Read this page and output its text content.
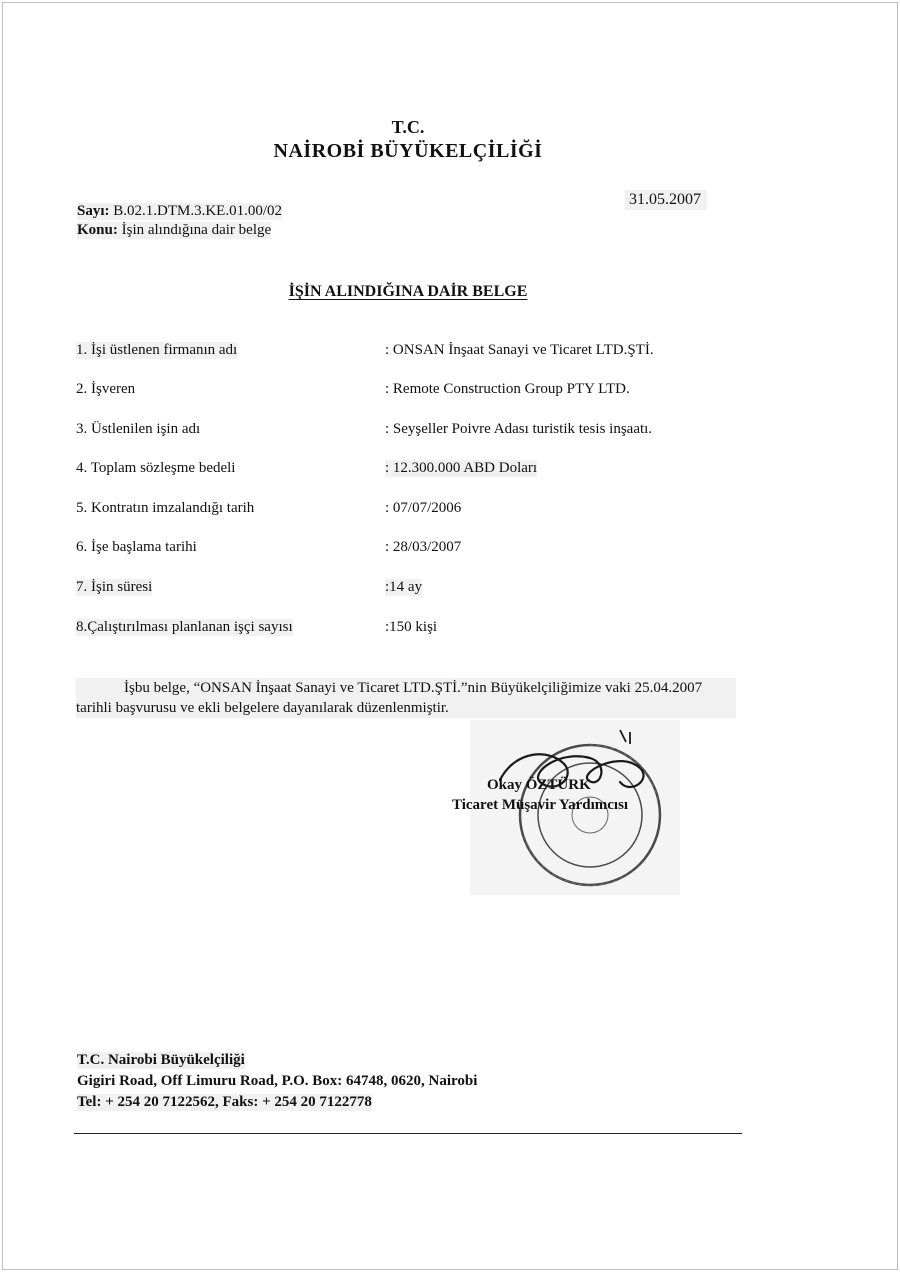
T.C.
NAİROBİ BÜYÜKELÇİLİĞİ
Sayı: B.02.1.DTM.3.KE.01.00/02
Konu: İşin alındığına dair belge
31.05.2007
İŞİN ALINDIĞINA DAİR BELGE
1. İşi üstlenen firmanın adı	: ONSAN İnşaat Sanayi ve Ticaret LTD.ŞTİ.
2. İşveren	: Remote Construction Group PTY LTD.
3. Üstlenilen işin adı	: Seyşeller Poivre Adası turistik tesis inşaatı.
4. Toplam sözleşme bedeli	: 12.300.000 ABD Doları
5. Kontratın imzalandığı tarih	: 07/07/2006
6. İşe başlama tarihi	: 28/03/2007
7. İşin süresi	:14 ay
8.Çalıştırılması planlanan işçi sayısı	:150 kişi
İşbu belge, “ONSAN İnşaat Sanayi ve Ticaret LTD.ŞTİ.”nin Büyükelçiliğimize vaki 25.04.2007 tarihli başvurusu ve ekli belgelere dayanılarak düzenlenmiştir.
Okay ÖZTÜRK
Ticaret Müşavir Yardımcısı
T.C. Nairobi Büyükelçiliği
Gigiri Road, Off Limuru Road, P.O. Box: 64748, 0620, Nairobi
Tel: + 254 20 7122562, Faks: + 254 20 7122778
